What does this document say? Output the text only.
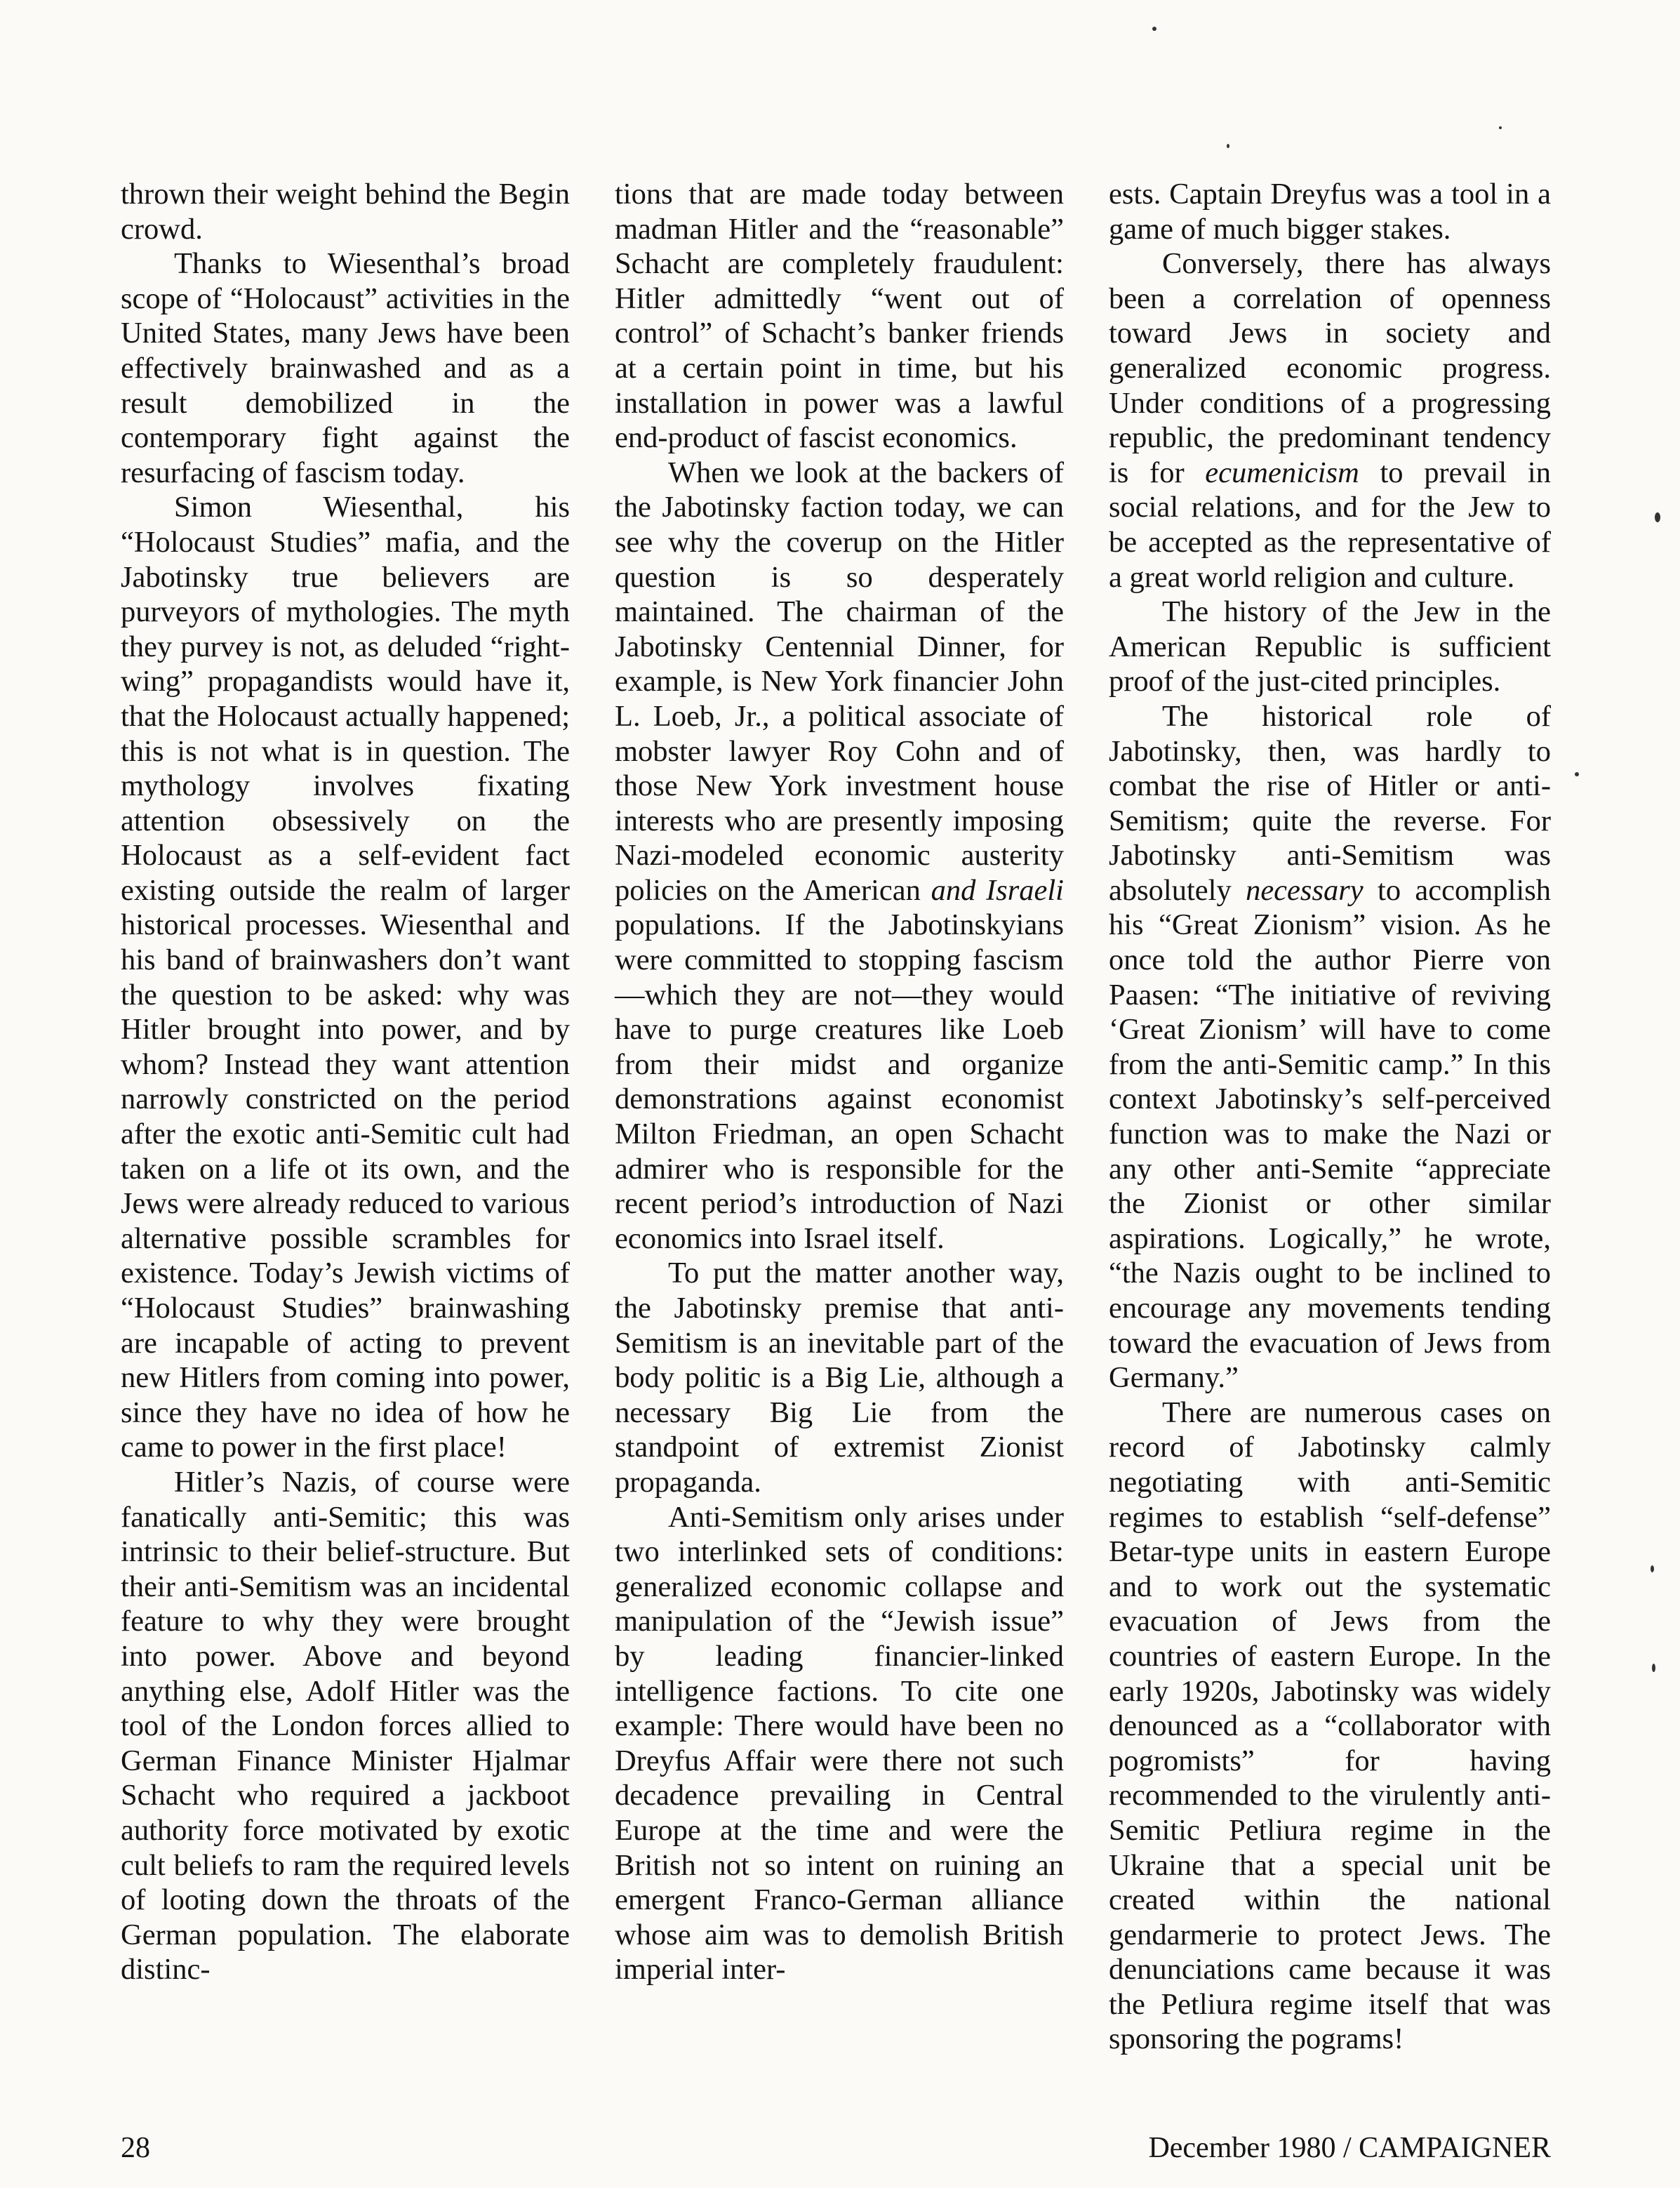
thrown their weight behind the Begin crowd.

Thanks to Wiesenthal’s broad scope of “Holocaust” activities in the United States, many Jews have been effectively brainwashed and as a result demobilized in the contemporary fight against the resurfacing of fascism today.

Simon Wiesenthal, his “Holocaust Studies” mafia, and the Jabotinsky true believers are purveyors of mythologies. The myth they purvey is not, as deluded “right-wing” propagandists would have it, that the Holocaust actually happened; this is not what is in question. The mythology involves fixating attention obsessively on the Holocaust as a self-evident fact existing outside the realm of larger historical processes. Wiesenthal and his band of brainwashers don’t want the question to be asked: why was Hitler brought into power, and by whom? Instead they want attention narrowly constricted on the period after the exotic anti-Semitic cult had taken on a life ot its own, and the Jews were already reduced to various alternative possible scrambles for existence. Today’s Jewish victims of “Holocaust Studies” brainwashing are incapable of acting to prevent new Hitlers from coming into power, since they have no idea of how he came to power in the first place!

Hitler’s Nazis, of course were fanatically anti-Semitic; this was intrinsic to their belief-structure. But their anti-Semitism was an incidental feature to why they were brought into power. Above and beyond anything else, Adolf Hitler was the tool of the London forces allied to German Finance Minister Hjalmar Schacht who required a jackboot authority force motivated by exotic cult beliefs to ram the required levels of looting down the throats of the German population. The elaborate distinc-

tions that are made today between madman Hitler and the “reasonable” Schacht are completely fraudulent: Hitler admittedly “went out of control” of Schacht’s banker friends at a certain point in time, but his installation in power was a lawful end-product of fascist economics.

When we look at the backers of the Jabotinsky faction today, we can see why the coverup on the Hitler question is so desperately maintained. The chairman of the Jabotinsky Centennial Dinner, for example, is New York financier John L. Loeb, Jr., a political associate of mobster lawyer Roy Cohn and of those New York investment house interests who are presently imposing Nazi-modeled economic austerity policies on the American and Israeli populations. If the Jabotinskyians were committed to stopping fascism—which they are not—they would have to purge creatures like Loeb from their midst and organize demonstrations against economist Milton Friedman, an open Schacht admirer who is responsible for the recent period’s introduction of Nazi economics into Israel itself.

To put the matter another way, the Jabotinsky premise that anti-Semitism is an inevitable part of the body politic is a Big Lie, although a necessary Big Lie from the standpoint of extremist Zionist propaganda.

Anti-Semitism only arises under two interlinked sets of conditions: generalized economic collapse and manipulation of the “Jewish issue” by leading financier-linked intelligence factions. To cite one example: There would have been no Dreyfus Affair were there not such decadence prevailing in Central Europe at the time and were the British not so intent on ruining an emergent Franco-German alliance whose aim was to demolish British imperial inter-

ests. Captain Dreyfus was a tool in a game of much bigger stakes.

Conversely, there has always been a correlation of openness toward Jews in society and generalized economic progress. Under conditions of a progressing republic, the predominant tendency is for ecumenicism to prevail in social relations, and for the Jew to be accepted as the representative of a great world religion and culture.

The history of the Jew in the American Republic is sufficient proof of the just-cited principles.

The historical role of Jabotinsky, then, was hardly to combat the rise of Hitler or anti-Semitism; quite the reverse. For Jabotinsky anti-Semitism was absolutely necessary to accomplish his “Great Zionism” vision. As he once told the author Pierre von Paasen: “The initiative of reviving ‘Great Zionism’ will have to come from the anti-Semitic camp.” In this context Jabotinsky’s self-perceived function was to make the Nazi or any other anti-Semite “appreciate the Zionist or other similar aspirations. Logically,” he wrote, “the Nazis ought to be inclined to encourage any movements tending toward the evacuation of Jews from Germany.”

There are numerous cases on record of Jabotinsky calmly negotiating with anti-Semitic regimes to establish “self-defense” Betar-type units in eastern Europe and to work out the systematic evacuation of Jews from the countries of eastern Europe. In the early 1920s, Jabotinsky was widely denounced as a “collaborator with pogromists” for having recommended to the virulently anti-Semitic Petliura regime in the Ukraine that a special unit be created within the national gendarmerie to protect Jews. The denunciations came because it was the Petliura regime itself that was sponsoring the pograms!

28	December 1980 / CAMPAIGNER
